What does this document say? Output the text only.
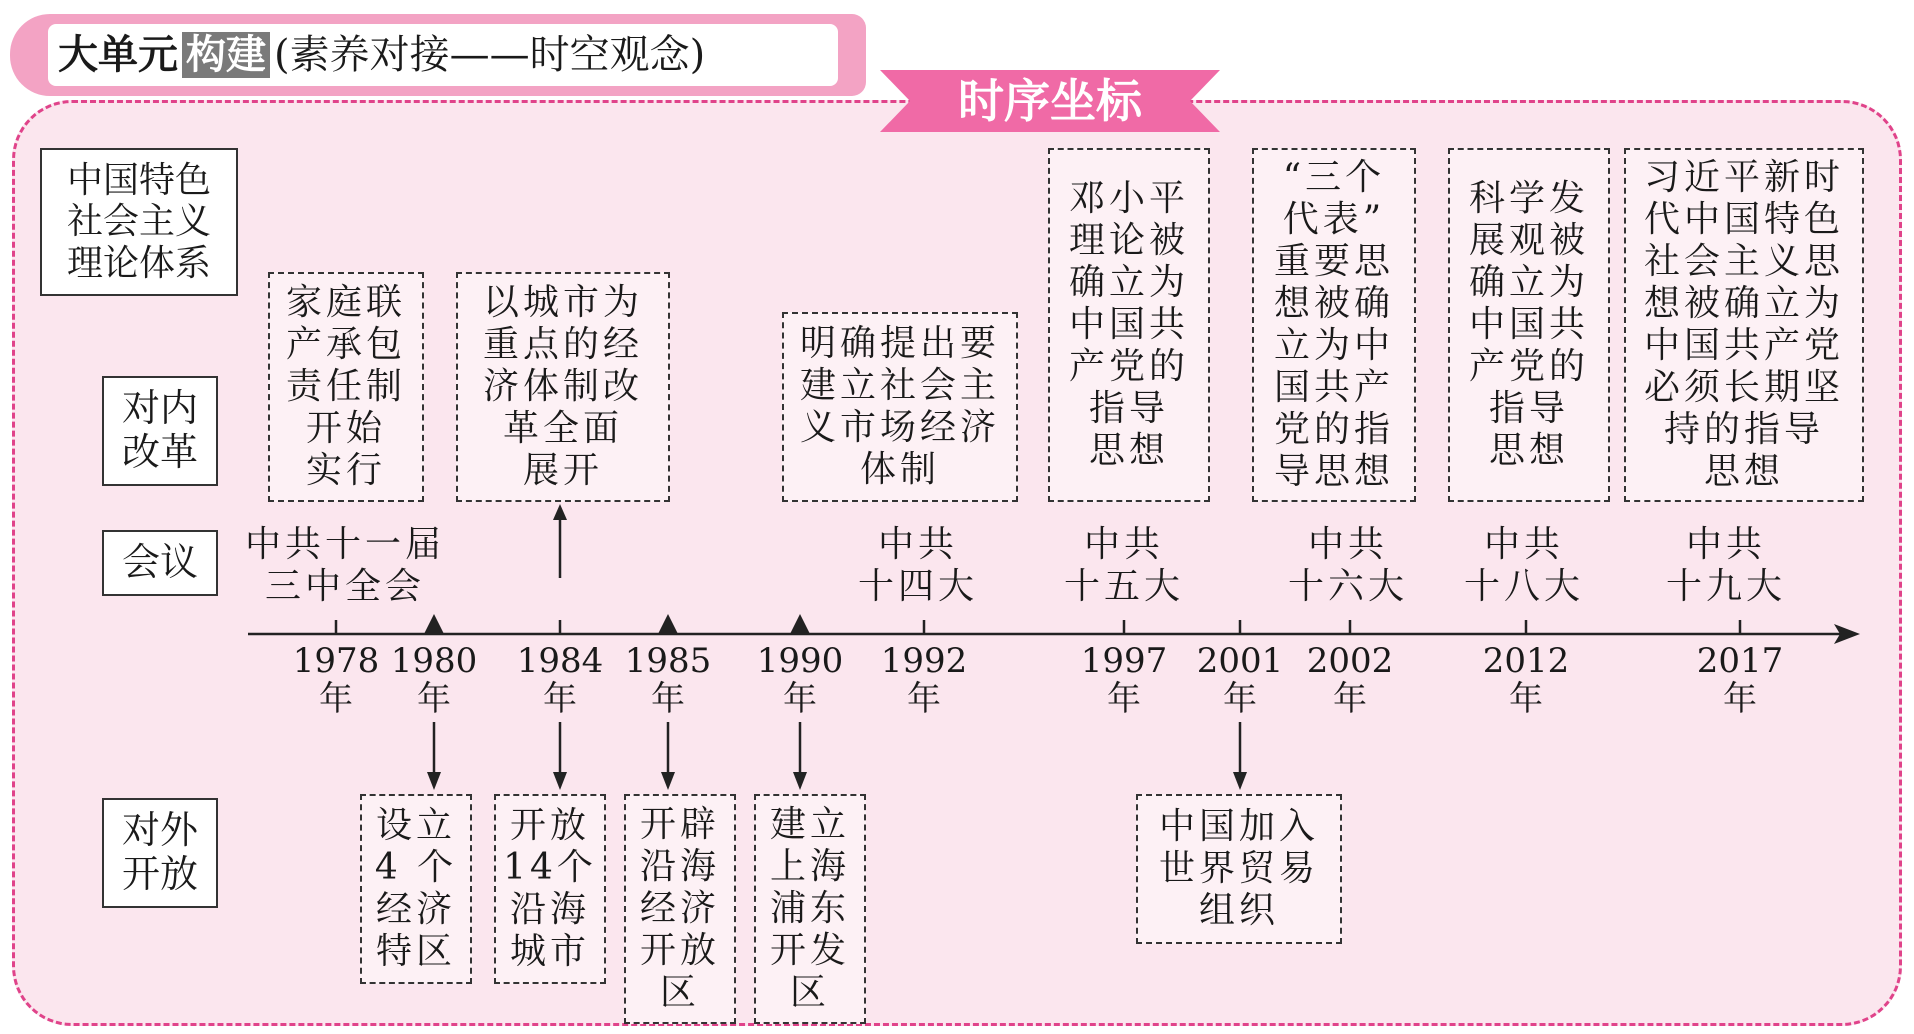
大单元 构建 (素养对接——时空观念)
时序坐标
中国特色
社会主义
理论体系
对内
改革
会议
对外
开放
邓小平
理论被
确立为
中国共
产党的
指导
思想
“三个
代表”
重要思
想被确
立为中
国共产
党的指
导思想
科学发
展观被
确立为
中国共
产党的
指导
思想
习近平新时
代中国特色
社会主义思
想被确立为
中国共产党
必须长期坚
持的指导
思想
家庭联
产承包
责任制
开始
实行
以城市为
重点的经
济体制改
革全面
展开
明确提出要
建立社会主
义市场经济
体制
中共十一届
三中全会
中共
十四大
中共
十五大
中共
十六大
中共
十八大
中共
十九大
1978
年
1980
年
1984
年
1985
年
1990
年
1992
年
1997
年
2001
年
2002
年
2012
年
2017
年
设立
4 个
经济
特区
开放
14个
沿海
城市
开辟
沿海
经济
开放
区
建立
上海
浦东
开发
区
中国加入
世界贸易
组织
